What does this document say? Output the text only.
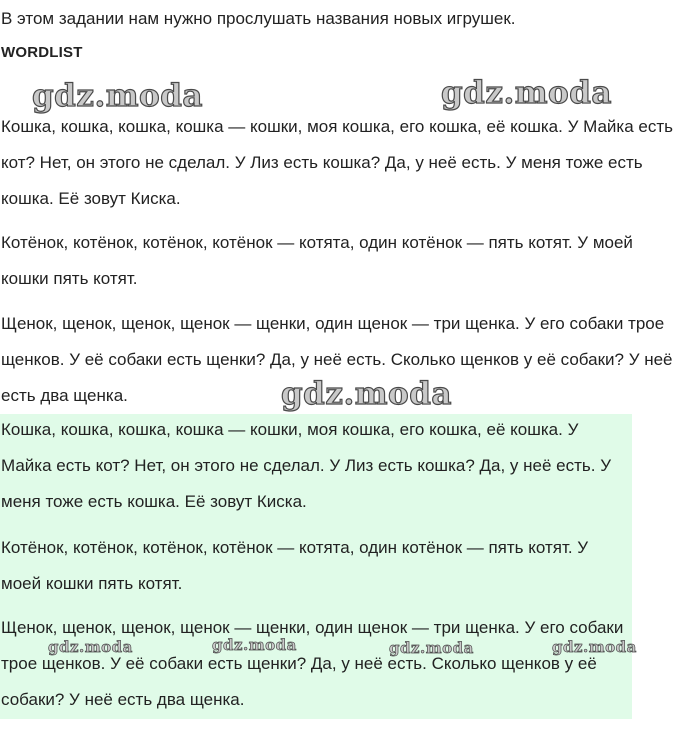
В этом задании нам нужно прослушать названия новых игрушек.
WORDLIST

Кошка, кошка, кошка, кошка — кошки, моя кошка, его кошка, её кошка. У Майка есть кот? Нет, он этого не сделал. У Лиз есть кошка? Да, у неё есть. У меня тоже есть кошка. Её зовут Киска.

Котёнок, котёнок, котёнок, котёнок — котята, один котёнок — пять котят. У моей кошки пять котят.

Щенок, щенок, щенок, щенок — щенки, один щенок — три щенка. У его собаки трое щенков. У её собаки есть щенки? Да, у неё есть. Сколько щенков у её собаки? У неё есть два щенка.

Кошка, кошка, кошка, кошка — кошки, моя кошка, его кошка, её кошка. У Майка есть кот? Нет, он этого не сделал. У Лиз есть кошка? Да, у неё есть. У меня тоже есть кошка. Её зовут Киска.

Котёнок, котёнок, котёнок, котёнок — котята, один котёнок — пять котят. У моей кошки пять котят.

Щенок, щенок, щенок, щенок — щенки, один щенок — три щенка. У его собаки трое щенков. У её собаки есть щенки? Да, у неё есть. Сколько щенков у её собаки? У неё есть два щенка.

gdz.moda	gdz.moda
gdz.moda
gdz.moda	gdz.moda	gdz.moda	gdz.moda
